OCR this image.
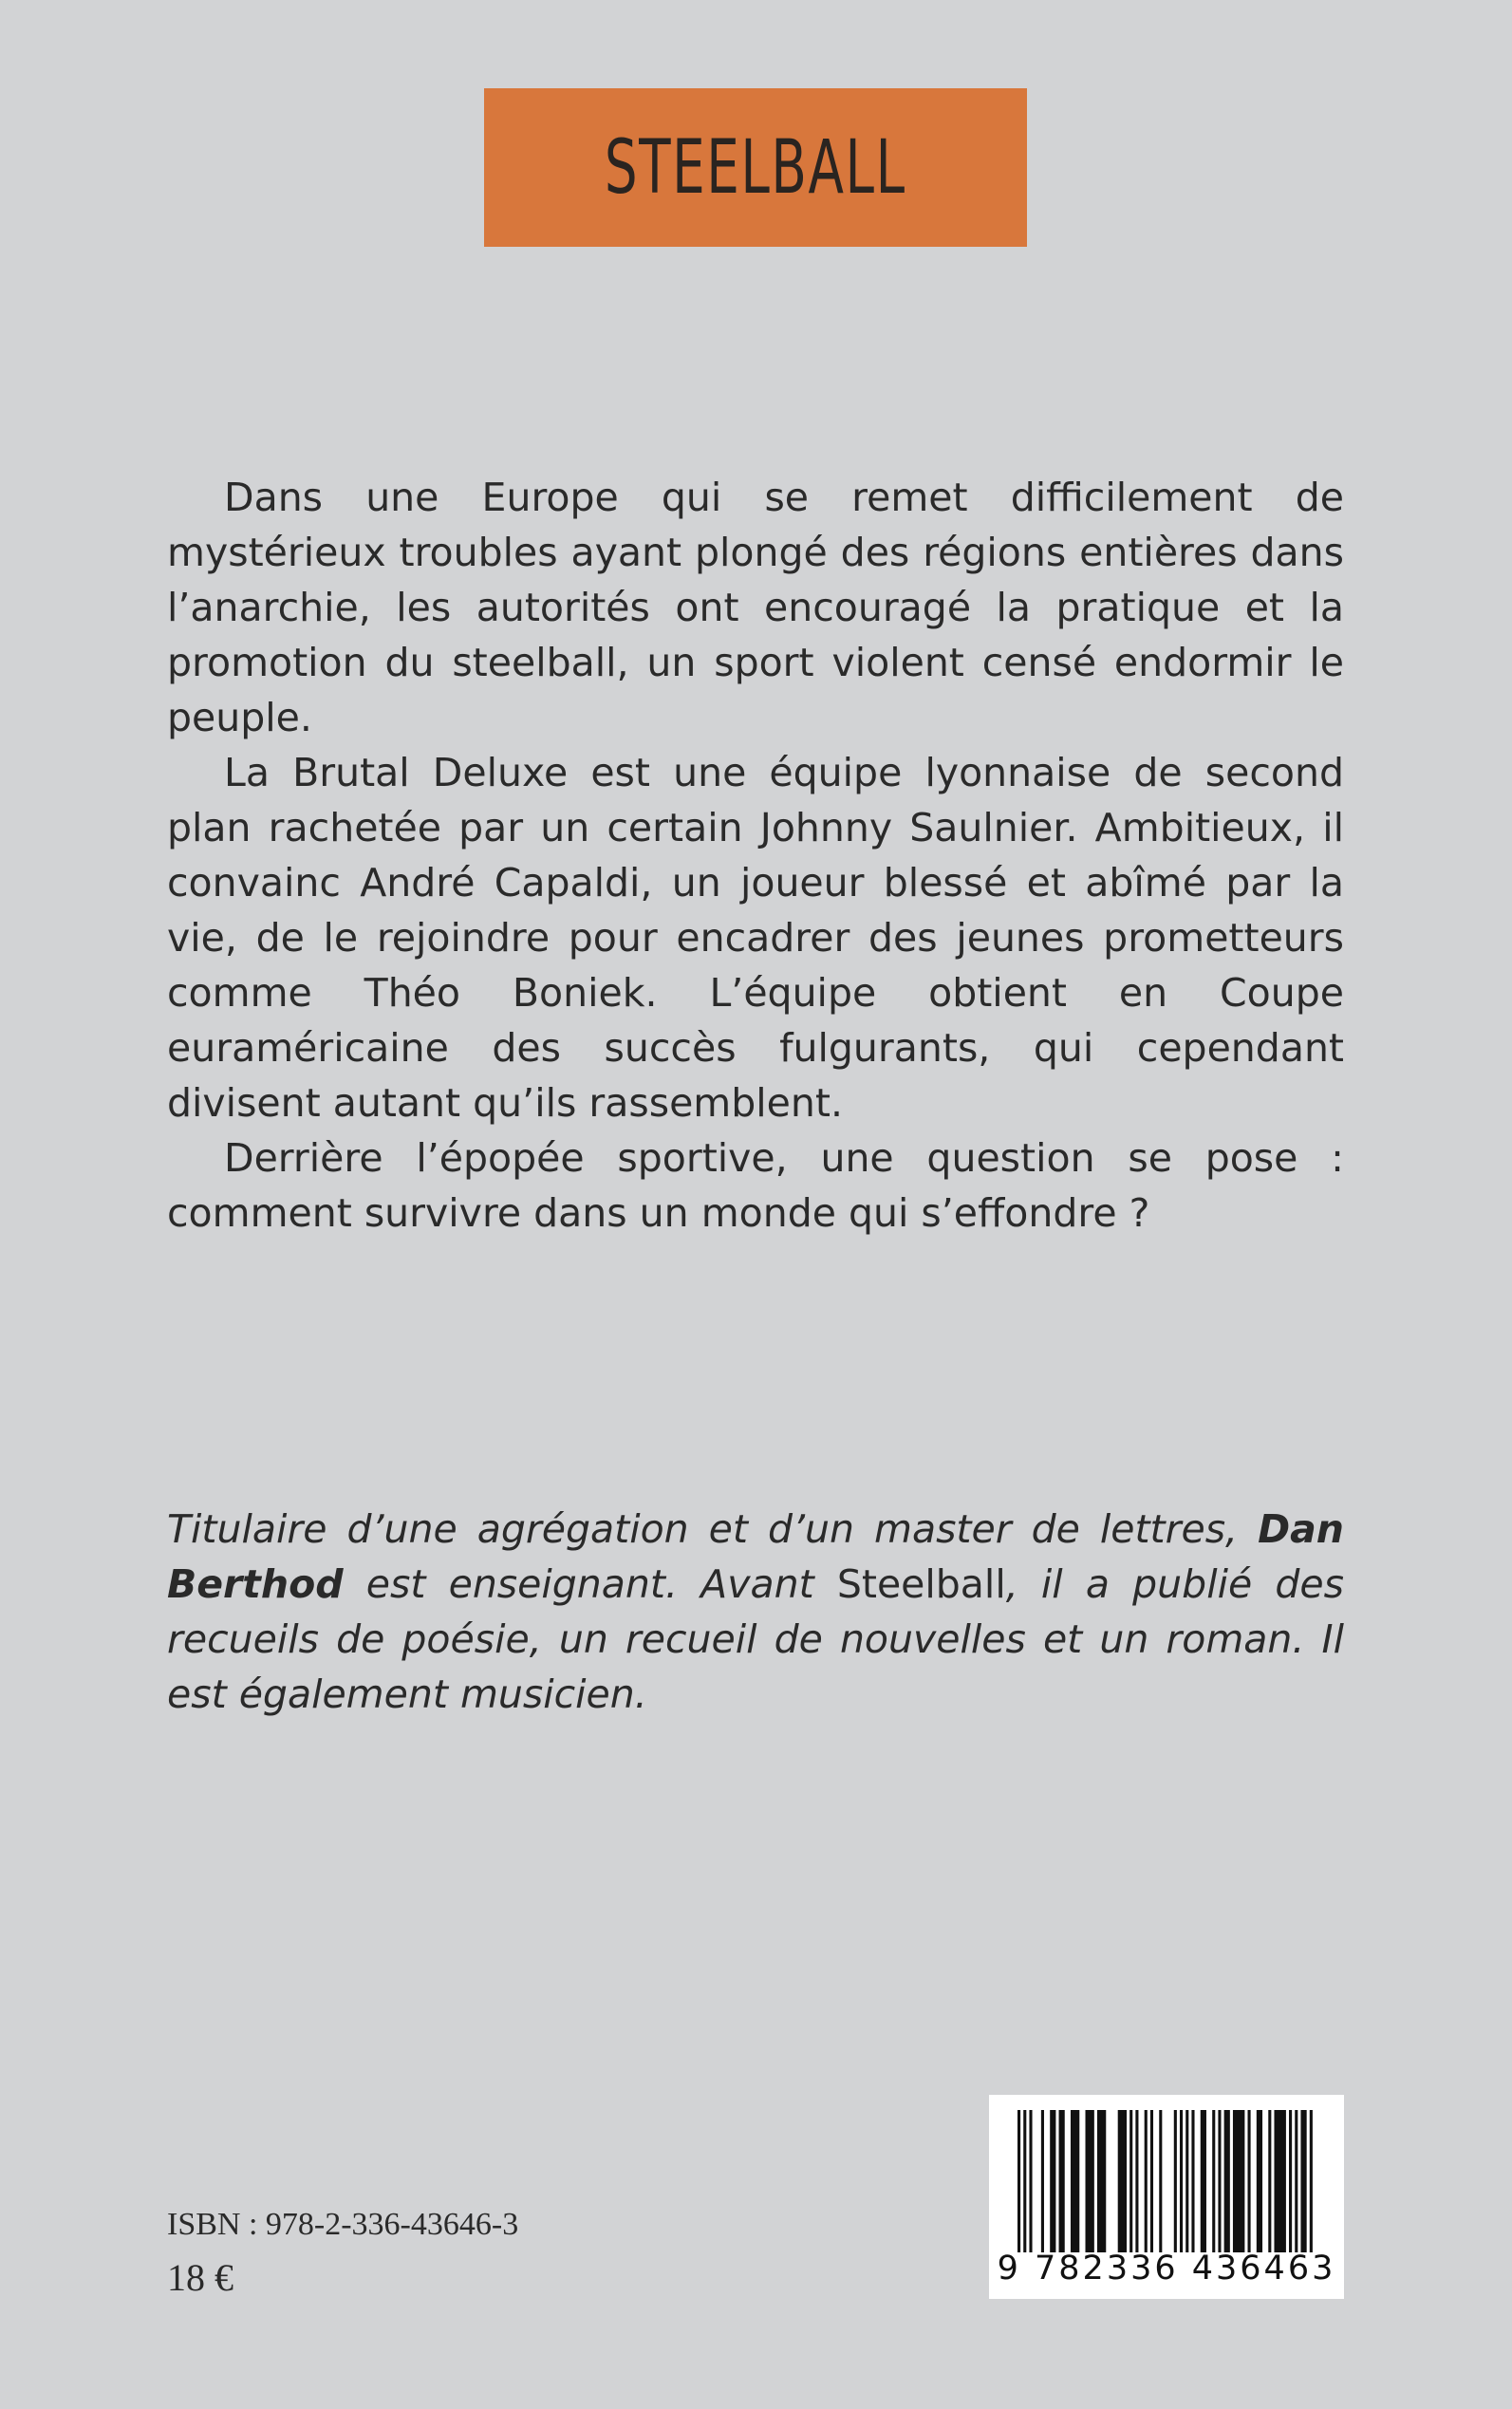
STEELBALL

Dans une Europe qui se remet difficilement de mystérieux troubles ayant plongé des régions entières dans l’anarchie, les autorités ont encouragé la pratique et la promotion du steelball, un sport violent censé endormir le peuple.

La Brutal Deluxe est une équipe lyonnaise de second plan rachetée par un certain Johnny Saulnier. Ambitieux, il convainc André Capaldi, un joueur blessé et abîmé par la vie, de le rejoindre pour encadrer des jeunes prometteurs comme Théo Boniek. L’équipe obtient en Coupe euraméricaine des succès fulgurants, qui cependant divisent autant qu’ils rassemblent.

Derrière l’épopée sportive, une question se pose : comment survivre dans un monde qui s’effondre ?

Titulaire d’une agrégation et d’un master de lettres, Dan Berthod est enseignant. Avant Steelball, il a publié des recueils de poésie, un recueil de nouvelles et un roman. Il est également musicien.

ISBN : 978-2-336-43646-3
18 €	9 782336 436463
